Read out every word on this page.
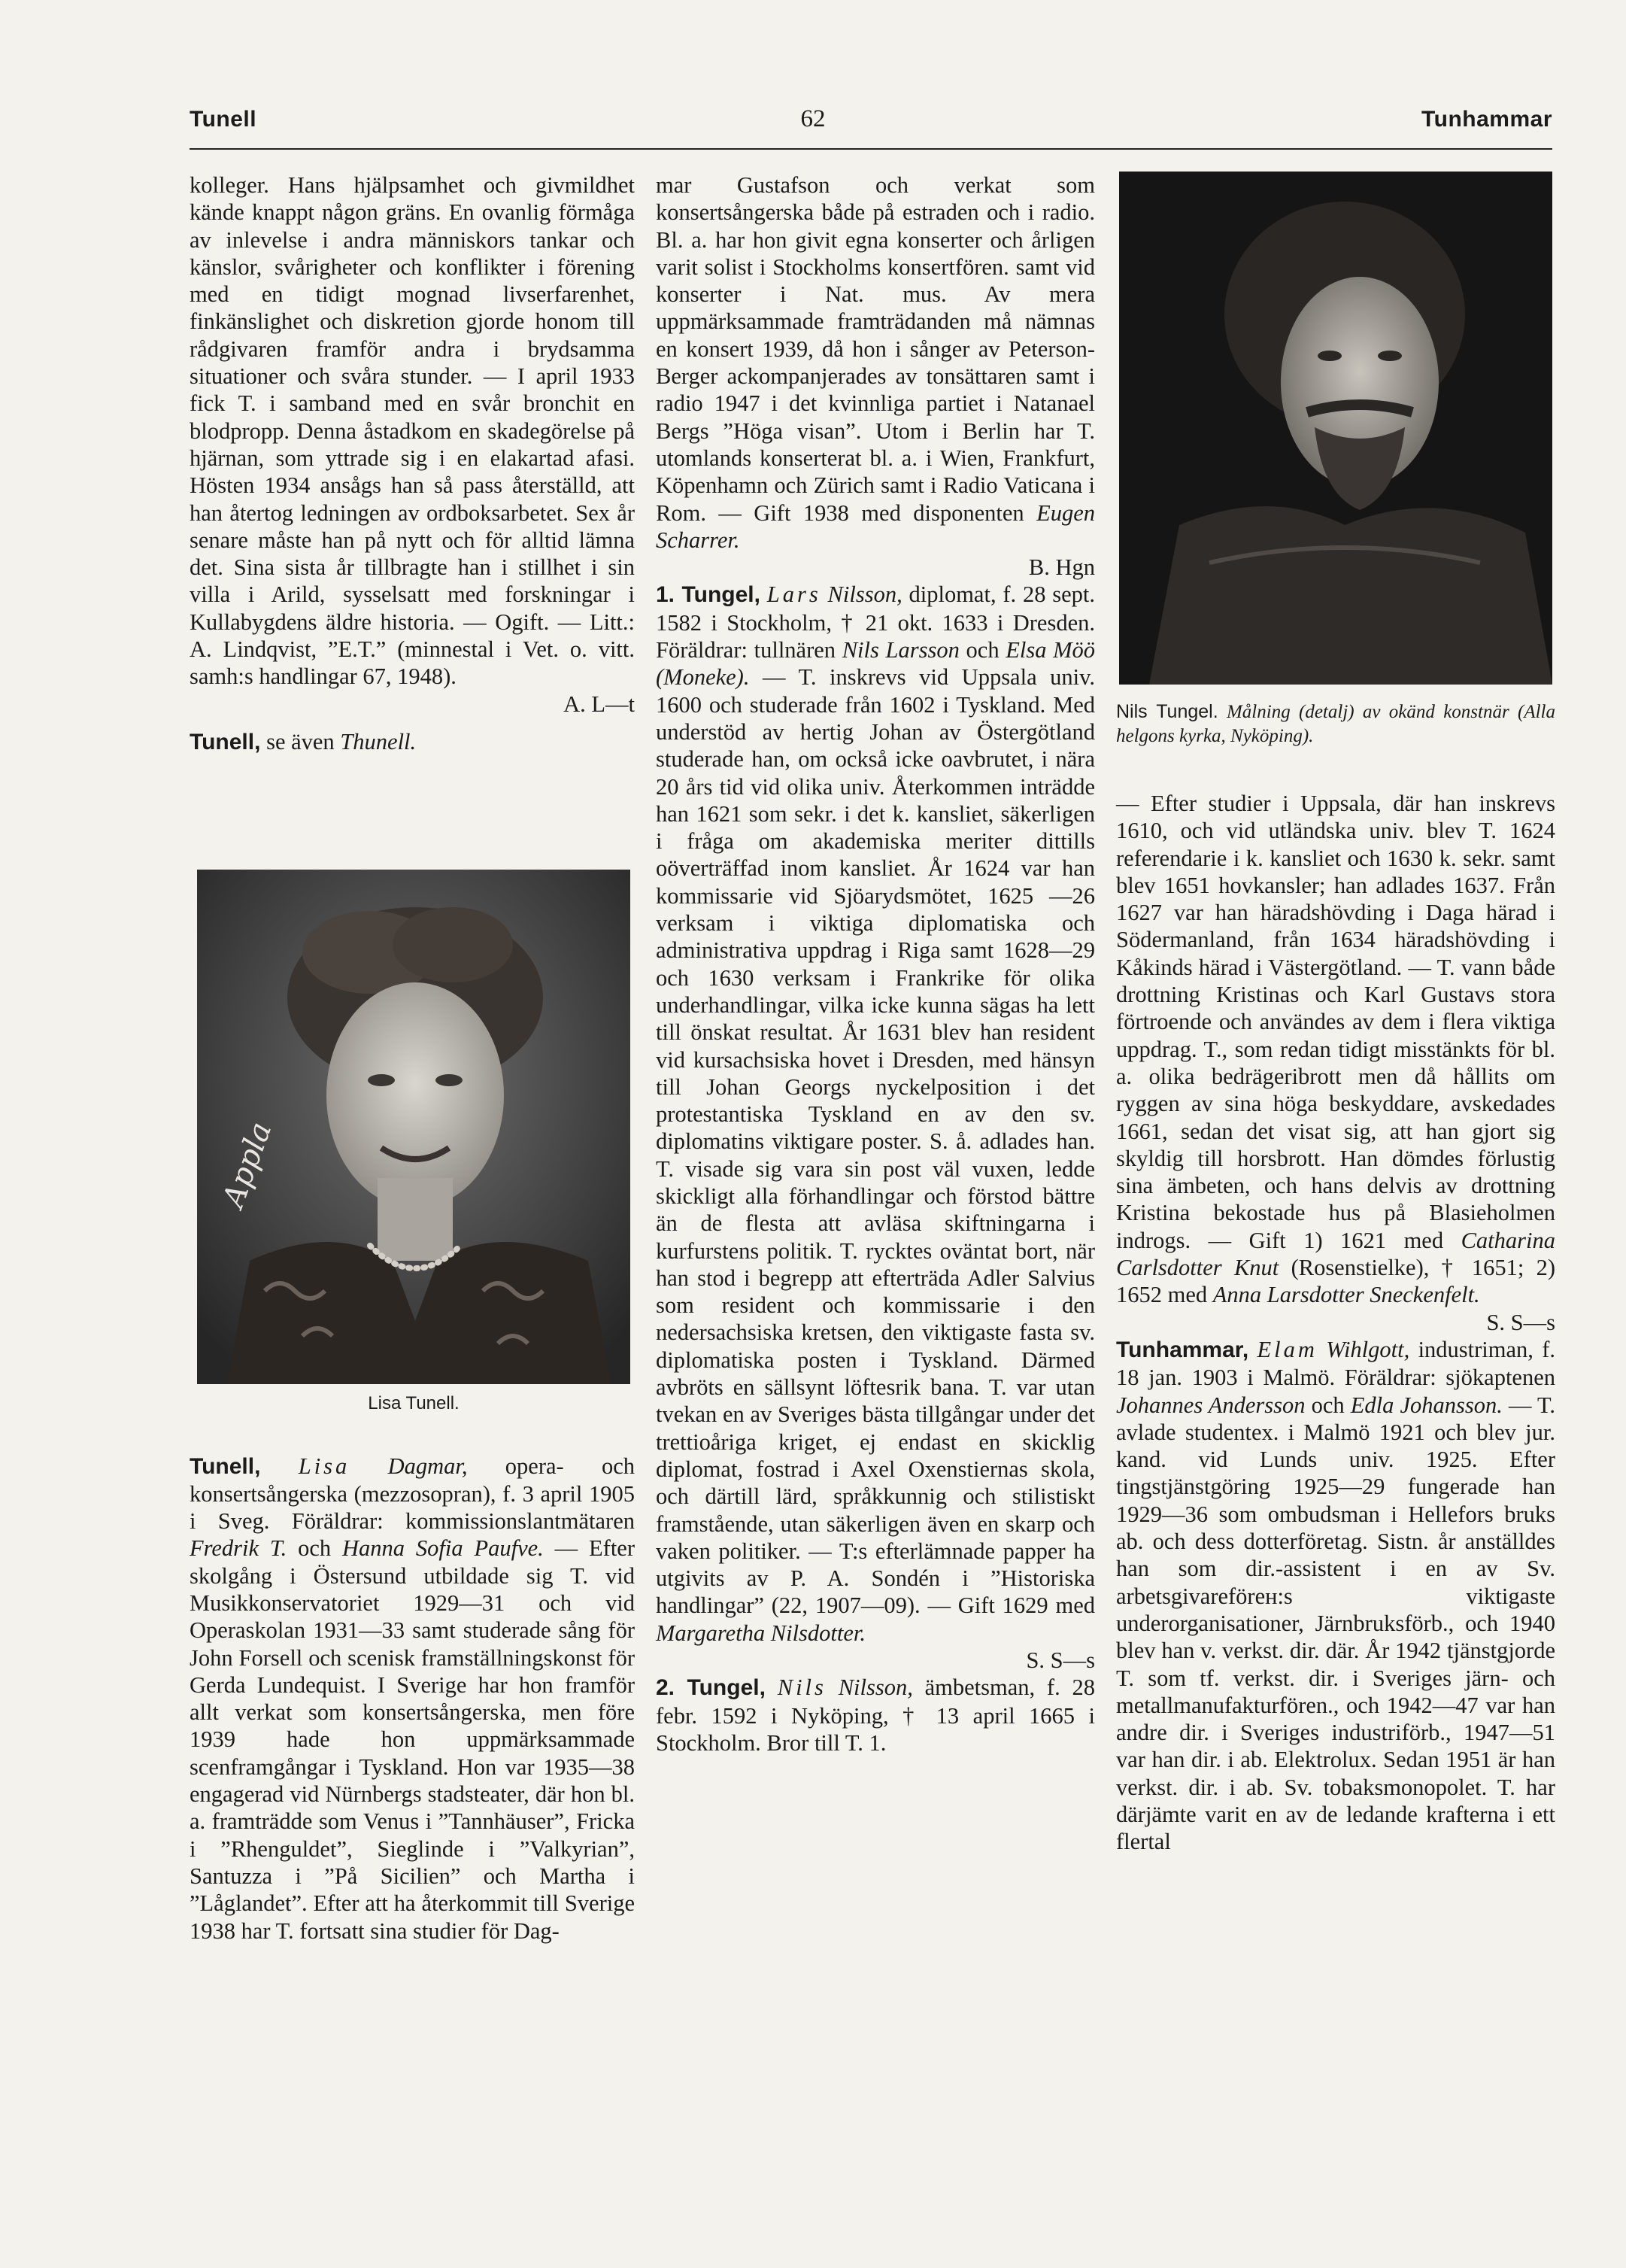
Tunell	62	Tunhammar

kolleger. Hans hjälpsamhet och givmildhet kände knappt någon gräns. En ovanlig förmåga av inlevelse i andra människors tankar och känslor, svårigheter och konflikter i förening med en tidigt mognad livserfarenhet, finkänslighet och diskretion gjorde honom till rådgivaren framför andra i brydsamma situationer och svåra stunder. — I april 1933 fick T. i samband med en svår bronchit en blodpropp. Denna åstadkom en skadegörelse på hjärnan, som yttrade sig i en elakartad afasi. Hösten 1934 ansågs han så pass återställd, att han återtog ledningen av ordboksarbetet. Sex år senare måste han på nytt och för alltid lämna det. Sina sista år tillbragte han i stillhet i sin villa i Arild, sysselsatt med forskningar i Kullabygdens äldre historia. — Ogift. — Litt.: A. Lindqvist, ”E.T.” (minnestal i Vet. o. vitt. samh:s handlingar 67, 1948).

A. L—t

Tunell, se även Thunell.

Appla
Lisa Tunell.

Tunell, Lisa Dagmar, opera- och konsertsångerska (mezzosopran), f. 3 april 1905 i Sveg. Föräldrar: kommissionslantmätaren Fredrik T. och Hanna Sofia Paufve. — Efter skolgång i Östersund utbildade sig T. vid Musikkonservatoriet 1929—31 och vid Operaskolan 1931—33 samt studerade sång för John Forsell och scenisk framställningskonst för Gerda Lundequist. I Sverige har hon framför allt verkat som konsertsångerska, men före 1939 hade hon uppmärksammade scenframgångar i Tyskland. Hon var 1935—38 engagerad vid Nürnbergs stadsteater, där hon bl. a. framträdde som Venus i ”Tannhäuser”, Fricka i ”Rhenguldet”, Sieglinde i ”Valkyrian”, Santuzza i ”På Sicilien” och Martha i ”Låglandet”. Efter att ha återkommit till Sverige 1938 har T. fortsatt sina studier för Dag-

mar Gustafson och verkat som konsertsångerska både på estraden och i radio. Bl. a. har hon givit egna konserter och årligen varit solist i Stockholms konsertfören. samt vid konserter i Nat. mus. Av mera uppmärksammade framträdanden må nämnas en konsert 1939, då hon i sånger av Peterson-Berger ackompanjerades av tonsättaren samt i radio 1947 i det kvinnliga partiet i Natanael Bergs ”Höga visan”. Utom i Berlin har T. utomlands konserterat bl. a. i Wien, Frankfurt, Köpenhamn och Zürich samt i Radio Vaticana i Rom. — Gift 1938 med disponenten Eugen Scharrer.

B. Hgn

1. Tungel, Lars Nilsson, diplomat, f. 28 sept. 1582 i Stockholm, † 21 okt. 1633 i Dresden. Föräldrar: tullnären Nils Larsson och Elsa Möö (Moneke). — T. inskrevs vid Uppsala univ. 1600 och studerade från 1602 i Tyskland. Med understöd av hertig Johan av Östergötland studerade han, om också icke oavbrutet, i nära 20 års tid vid olika univ. Återkommen inträdde han 1621 som sekr. i det k. kansliet, säkerligen i fråga om akademiska meriter dittills oöverträffad inom kansliet. År 1624 var han kommissarie vid Sjöarydsmötet, 1625 —26 verksam i viktiga diplomatiska och administrativa uppdrag i Riga samt 1628—29 och 1630 verksam i Frankrike för olika underhandlingar, vilka icke kunna sägas ha lett till önskat resultat. År 1631 blev han resident vid kursachsiska hovet i Dresden, med hänsyn till Johan Georgs nyckelposition i det protestantiska Tyskland en av den sv. diplomatins viktigare poster. S. å. adlades han. T. visade sig vara sin post väl vuxen, ledde skickligt alla förhandlingar och förstod bättre än de flesta att avläsa skiftningarna i kurfurstens politik. T. rycktes oväntat bort, när han stod i begrepp att efterträda Adler Salvius som resident och kommissarie i den nedersachsiska kretsen, den viktigaste fasta sv. diplomatiska posten i Tyskland. Därmed avbröts en sällsynt löftesrik bana. T. var utan tvekan en av Sveriges bästa tillgångar under det trettioåriga kriget, ej endast en skicklig diplomat, fostrad i Axel Oxenstiernas skola, och därtill lärd, språkkunnig och stilistiskt framstående, utan säkerligen även en skarp och vaken politiker. — T:s efterlämnade papper ha utgivits av P. A. Sondén i ”Historiska handlingar” (22, 1907—09). — Gift 1629 med Margaretha Nilsdotter.

S. S—s

2. Tungel, Nils Nilsson, ämbetsman, f. 28 febr. 1592 i Nyköping, † 13 april 1665 i Stockholm. Bror till T. 1.

Nils Tungel. Målning (detalj) av okänd konstnär (Alla helgons kyrka, Nyköping).

— Efter studier i Uppsala, där han inskrevs 1610, och vid utländska univ. blev T. 1624 referendarie i k. kansliet och 1630 k. sekr. samt blev 1651 hovkansler; han adlades 1637. Från 1627 var han häradshövding i Daga härad i Södermanland, från 1634 häradshövding i Kåkinds härad i Västergötland. — T. vann både drottning Kristinas och Karl Gustavs stora förtroende och användes av dem i flera viktiga uppdrag. T., som redan tidigt misstänkts för bl. a. olika bedrägeribrott men då hållits om ryggen av sina höga beskyddare, avskedades 1661, sedan det visat sig, att han gjort sig skyldig till horsbrott. Han dömdes förlustig sina ämbeten, och hans delvis av drottning Kristina bekostade hus på Blasieholmen indrogs. — Gift 1) 1621 med Catharina Carlsdotter Knut (Rosenstielke), † 1651; 2) 1652 med Anna Larsdotter Sneckenfelt.

S. S—s

Tunhammar, Elam Wihlgott, industriman, f. 18 jan. 1903 i Malmö. Föräldrar: sjökaptenen Johannes Andersson och Edla Johansson. — T. avlade studentex. i Malmö 1921 och blev jur. kand. vid Lunds univ. 1925. Efter tingstjänstgöring 1925—29 fungerade han 1929—36 som ombudsman i Hellefors bruks ab. och dess dotterföretag. Sistn. år anställdes han som dir.-assistent i en av Sv. arbetsgivareförен:s viktigaste underorganisationer, Järnbruksförb., och 1940 blev han v. verkst. dir. där. År 1942 tjänstgjorde T. som tf. verkst. dir. i Sveriges järn- och metallmanufakturfören., och 1942—47 var han andre dir. i Sveriges industriförb., 1947—51 var han dir. i ab. Elektrolux. Sedan 1951 är han verkst. dir. i ab. Sv. tobaksmonopolet. T. har därjämte varit en av de ledande krafterna i ett flertal
